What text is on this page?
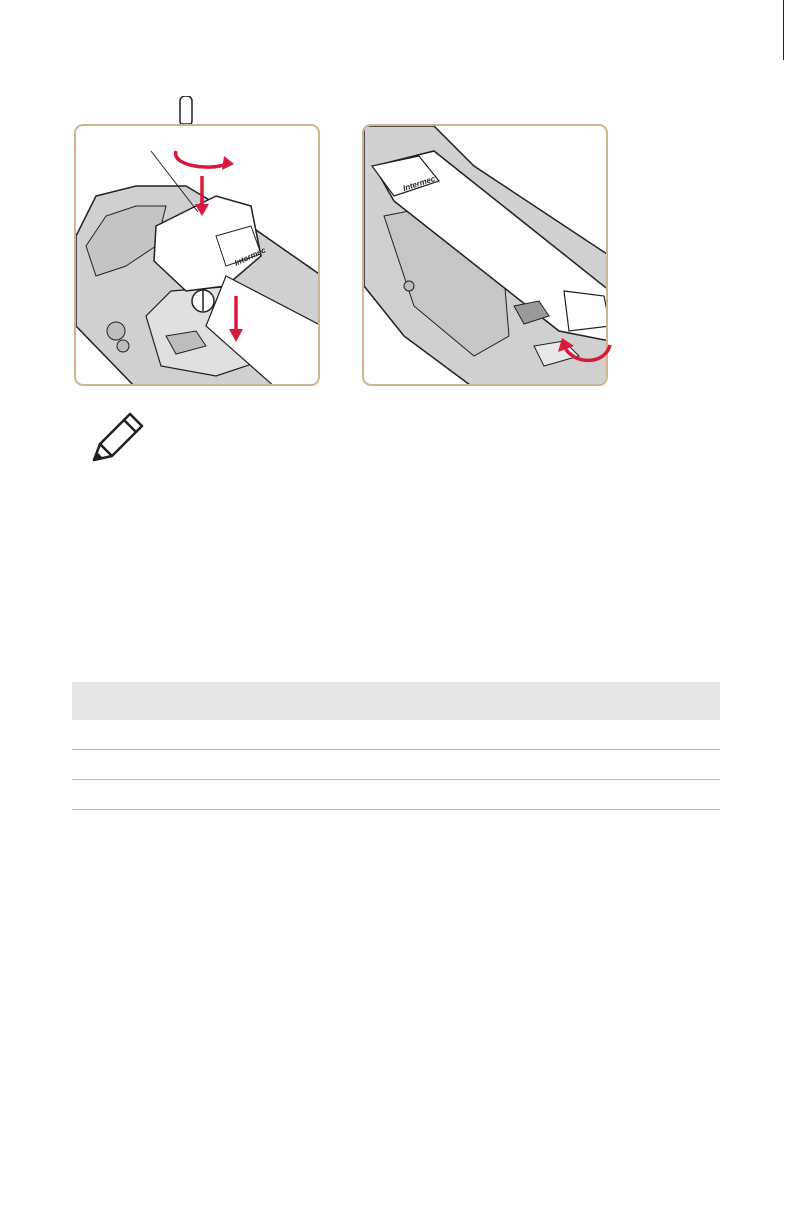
Intermec
Intermec
